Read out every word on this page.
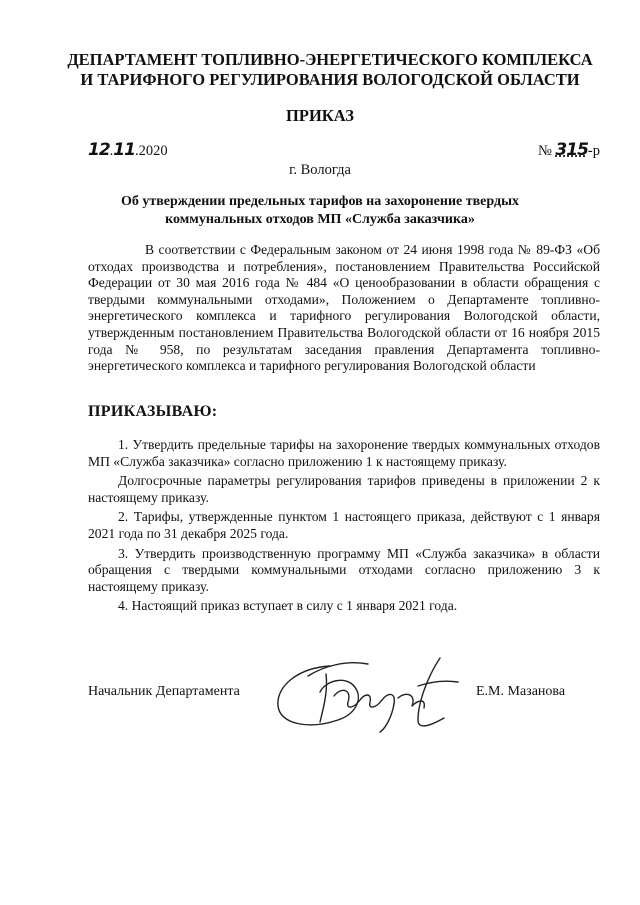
ДЕПАРТАМЕНТ ТОПЛИВНО-ЭНЕРГЕТИЧЕСКОГО КОМПЛЕКСА
И ТАРИФНОГО РЕГУЛИРОВАНИЯ ВОЛОГОДСКОЙ ОБЛАСТИ
ПРИКАЗ
12.11.2020	№ 315-р
г. Вологда
Об утверждении предельных тарифов на захоронение твердых
коммунальных отходов МП «Служба заказчика»
В соответствии с Федеральным законом от 24 июня 1998 года № 89-ФЗ «Об отходах производства и потребления», постановлением Правительства Российской Федерации от 30 мая 2016 года № 484 «О ценообразовании в области обращения с твердыми коммунальными отходами», Положением о Департаменте топливно-энергетического комплекса и тарифного регулирования Вологодской области, утвержденным постановлением Правительства Вологодской области от 16 ноября 2015 года № 958, по результатам заседания правления Департамента топливно-энергетического комплекса и тарифного регулирования Вологодской области
ПРИКАЗЫВАЮ:

1. Утвердить предельные тарифы на захоронение твердых коммунальных отходов МП «Служба заказчика» согласно приложению 1 к настоящему приказу.

Долгосрочные параметры регулирования тарифов приведены в приложении 2 к настоящему приказу.

2. Тарифы, утвержденные пунктом 1 настоящего приказа, действуют с 1 января 2021 года по 31 декабря 2025 года.

3. Утвердить производственную программу МП «Служба заказчика» в области обращения с твердыми коммунальными отходами согласно приложению 3 к настоящему приказу.

4. Настоящий приказ вступает в силу с 1 января 2021 года.

Начальник Департамента	Е.М. Мазанова
